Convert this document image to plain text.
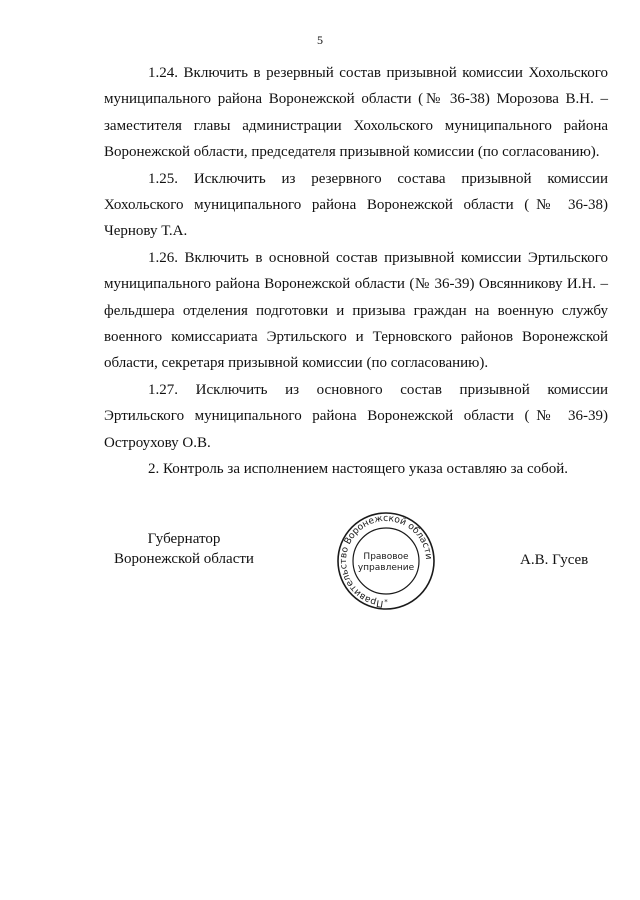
5

1.24. Включить в резервный состав призывной комиссии Хохольского муниципального района Воронежской области (№ 36-38) Морозова В.Н. – заместителя главы администрации Хохольского муниципального района Воронежской области, председателя призывной комиссии (по согласованию).

1.25. Исключить из резервного состава призывной комиссии Хохольского муниципального района Воронежской области (№ 36-38) Чернову Т.А.

1.26. Включить в основной состав призывной комиссии Эртильского муниципального района Воронежской области (№ 36-39) Овсянникову И.Н. – фельдшера отделения подготовки и призыва граждан на военную службу военного комиссариата Эртильского и Терновского районов Воронежской области, секретаря призывной комиссии (по согласованию).

1.27. Исключить из основного состав призывной комиссии Эртильского муниципального района Воронежской области (№ 36-39) Остроухову О.В.

2. Контроль за исполнением настоящего указа оставляю за собой.

Губернатор
Воронежской области
Правительство Воронежской области
Правовое
управление
*
А.В. Гусев
